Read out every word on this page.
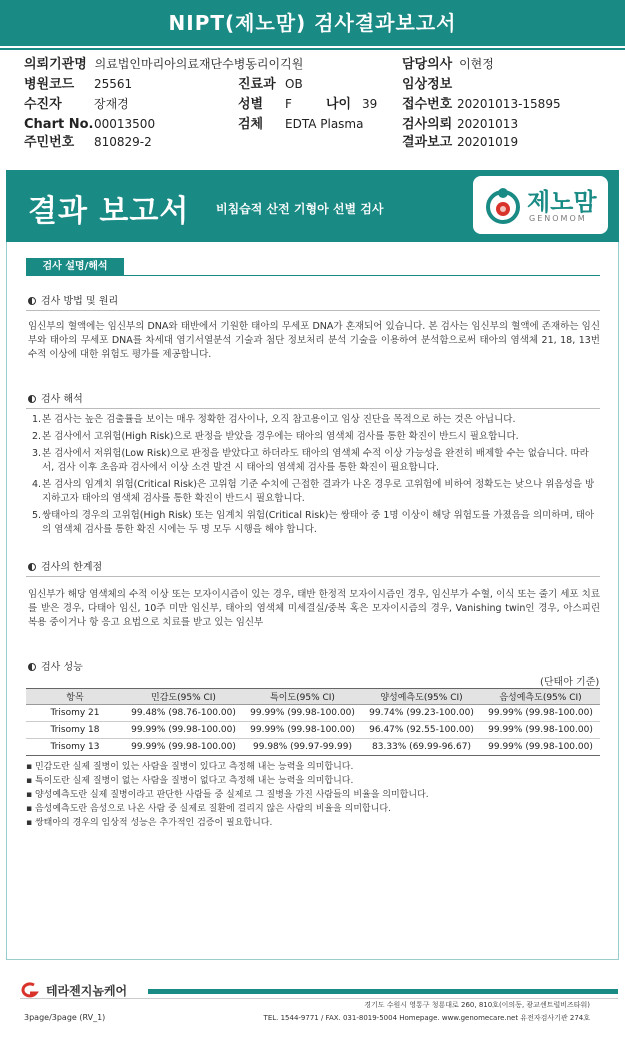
NIPT(제노맘) 검사결과보고서
의뢰기관명 의료법인마리아의료재단수병동리이긱원
병원코드 25561
수진자	장재경
Chart No. 00013500
주민번호 810829-2
진료과 OB
성별 F	나이 39
검체 EDTA Plasma
담당의사 이현정
임상정보
접수번호 20201013-15895
검사의뢰 20201013
결과보고 20201019
결과 보고서 비침습적 산전 기형아 선별 검사	제노맘
GENOMOM
검사 설명/해석
검사 방법 및 원리
임신부의 혈액에는 임신부의 DNA와 태반에서 기원한 태아의 무세포 DNA가 혼재되어 있습니다. 본 검사는 임신부의 혈액에 존재하는 임신부와 태아의 무세포 DNA를 차세대 염기서열분석 기술과 첨단 정보처리 분석 기술을 이용하여 분석함으로써 태아의 염색체 21, 18, 13번 수적 이상에 대한 위험도 평가를 제공합니다.
검사 해석
1. 본 검사는 높은 검출률을 보이는 매우 정확한 검사이나, 오직 참고용이고 임상 진단을 목적으로 하는 것은 아닙니다.
2. 본 검사에서 고위험(High Risk)으로 판정을 받았을 경우에는 태아의 염색체 검사를 통한 확진이 반드시 필요합니다.
3. 본 검사에서 저위험(Low Risk)으로 판정을 받았다고 하더라도 태아의 염색체 수적 이상 가능성을 완전히 배제할 수는 없습니다. 따라서, 검사 이후 초음파 검사에서 이상 소견 발견 시 태아의 염색체 검사를 통한 확진이 필요합니다.
4. 본 검사의 임계치 위험(Critical Risk)은 고위험 기준 수치에 근접한 결과가 나온 경우로 고위험에 비하여 정확도는 낮으나 위음성을 방지하고자 태아의 염색체 검사를 통한 확진이 반드시 필요합니다.
5. 쌍태아의 경우의 고위험(High Risk) 또는 임계치 위험(Critical Risk)는 쌍태아 중 1명 이상이 해당 위험도를 가졌음을 의미하며, 태아의 염색체 검사를 통한 확진 시에는 두 명 모두 시행을 해야 합니다.
검사의 한계점
임신부가 해당 염색체의 수적 이상 또는 모자이시즘이 있는 경우, 태반 한정적 모자이시즘인 경우, 임신부가 수혈, 이식 또는 줄기 세포 치료를 받은 경우, 다태아 임신, 10주 미만 임신부, 태아의 염색체 미세결실/중복 혹은 모자이시즘의 경우, Vanishing twin인 경우, 아스피린 복용 중이거나 항 응고 요법으로 치료를 받고 있는 임신부
검사 성능
(단태아 기준)
항목	민감도(95% CI)	특이도(95% CI)	양성예측도(95% CI)	음성예측도(95% CI)
Trisomy 21	99.48% (98.76-100.00)	99.99% (99.98-100.00)	99.74% (99.23-100.00)	99.99% (99.98-100.00)
Trisomy 18	99.99% (99.98-100.00)	99.99% (99.98-100.00)	96.47% (92.55-100.00)	99.99% (99.98-100.00)
Trisomy 13	99.99% (99.98-100.00)	99.98% (99.97-99.99)	83.33% (69.99-96.67)	99.99% (99.98-100.00)
▪ 민감도란 실제 질병이 있는 사람을 질병이 있다고 측정해 내는 능력을 의미합니다.
▪ 특이도란 실제 질병이 없는 사람을 질병이 없다고 측정해 내는 능력을 의미합니다.
▪ 양성예측도란 실제 질병이라고 판단한 사람들 중 실제로 그 질병을 가진 사람들의 비율을 의미합니다.
▪ 음성예측도란 음성으로 나온 사람 중 실제로 질환에 걸리지 않은 사람의 비율을 의미합니다.
▪ 쌍태아의 경우의 임상적 성능은 추가적인 검증이 필요합니다.
테라젠지놈케어
경기도 수원시 영통구 청룡대로 260, 810호(이의동, 광교센트럴비즈타워)
TEL. 1544-9771 / FAX. 031-8019-5004 Homepage. www.genomecare.net 유전자검사기관 274호
3page/3page (RV_1)
